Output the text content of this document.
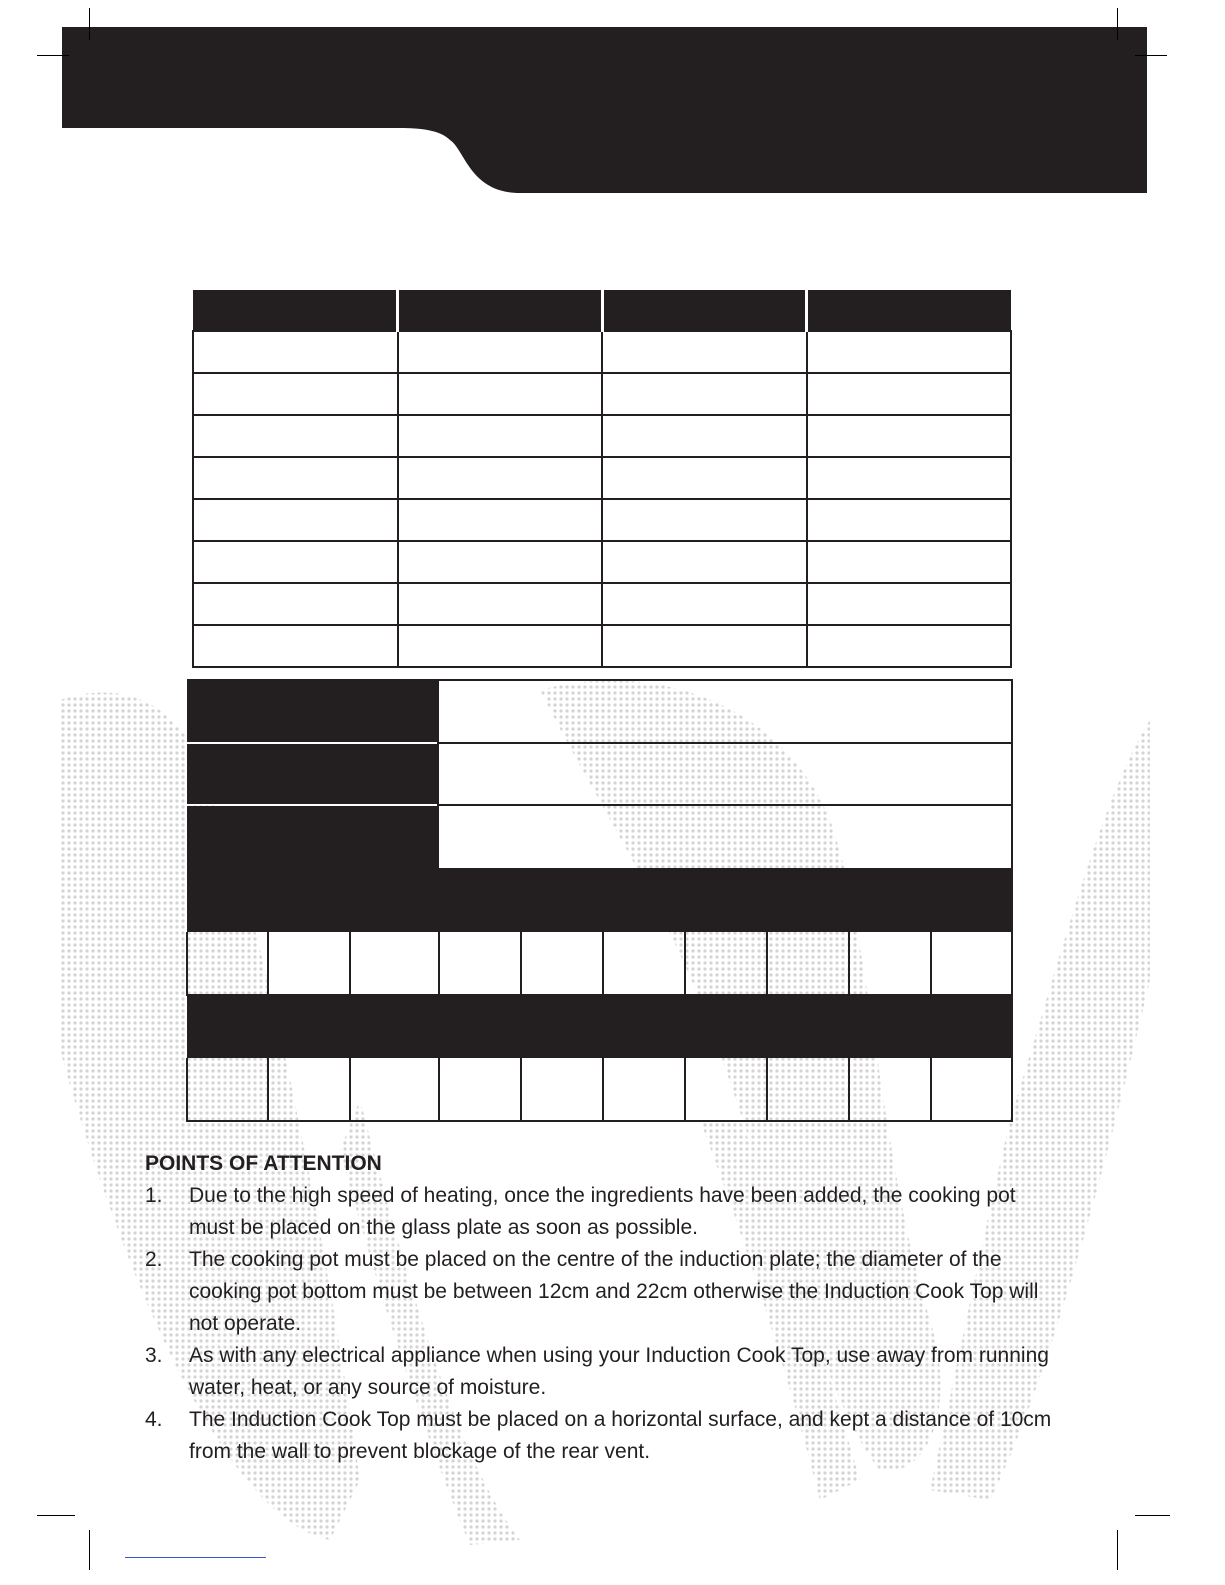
POINTS OF ATTENTION
1. Due to the high speed of heating, once the ingredients have been added, the cooking pot must be placed on the glass plate as soon as possible.
2. The cooking pot must be placed on the centre of the induction plate; the diameter of the cooking pot bottom must be between 12cm and 22cm otherwise the Induction Cook Top will not operate.
3. As with any electrical appliance when using your Induction Cook Top, use away from running water, heat, or any source of moisture.
4. The Induction Cook Top must be placed on a horizontal surface, and kept a distance of 10cm from the wall to prevent blockage of the rear vent.
